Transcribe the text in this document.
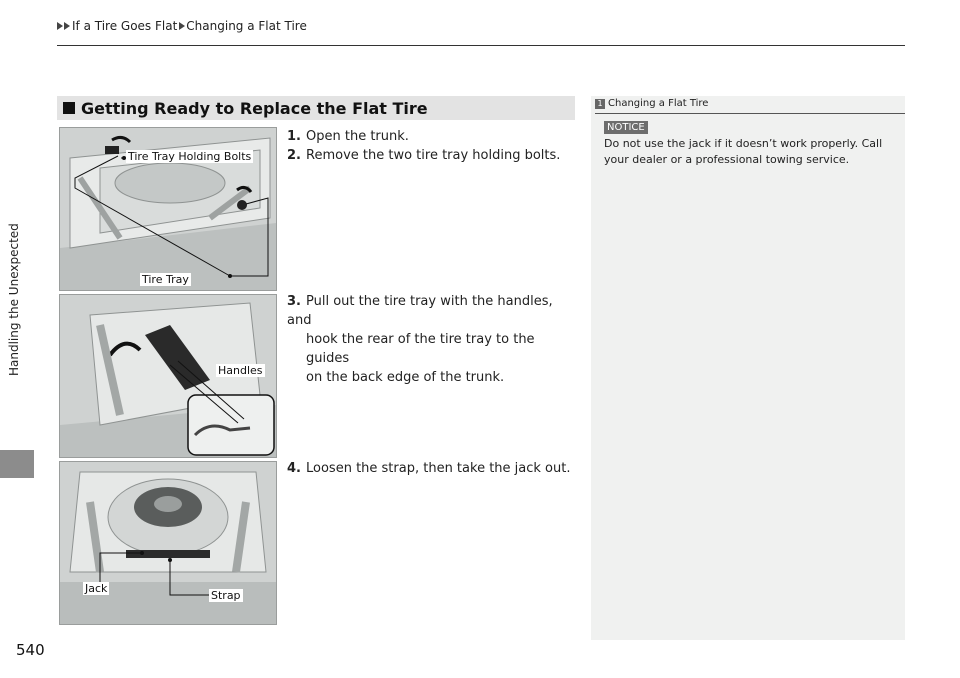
If a Tire Goes Flat Changing a Flat Tire
Handling the Unexpected
540
Getting Ready to Replace the Flat Tire
Tire Tray Holding Bolts
Tire Tray
Handles
Jack
Strap
1. Open the trunk.
2. Remove the two tire tray holding bolts.
3. Pull out the tire tray with the handles, and
hook the rear of the tire tray to the guides
on the back edge of the trunk.
4. Loosen the strap, then take the jack out.
1 Changing a Flat Tire
NOTICE
Do not use the jack if it doesn’t work properly. Call
your dealer or a professional towing service.
